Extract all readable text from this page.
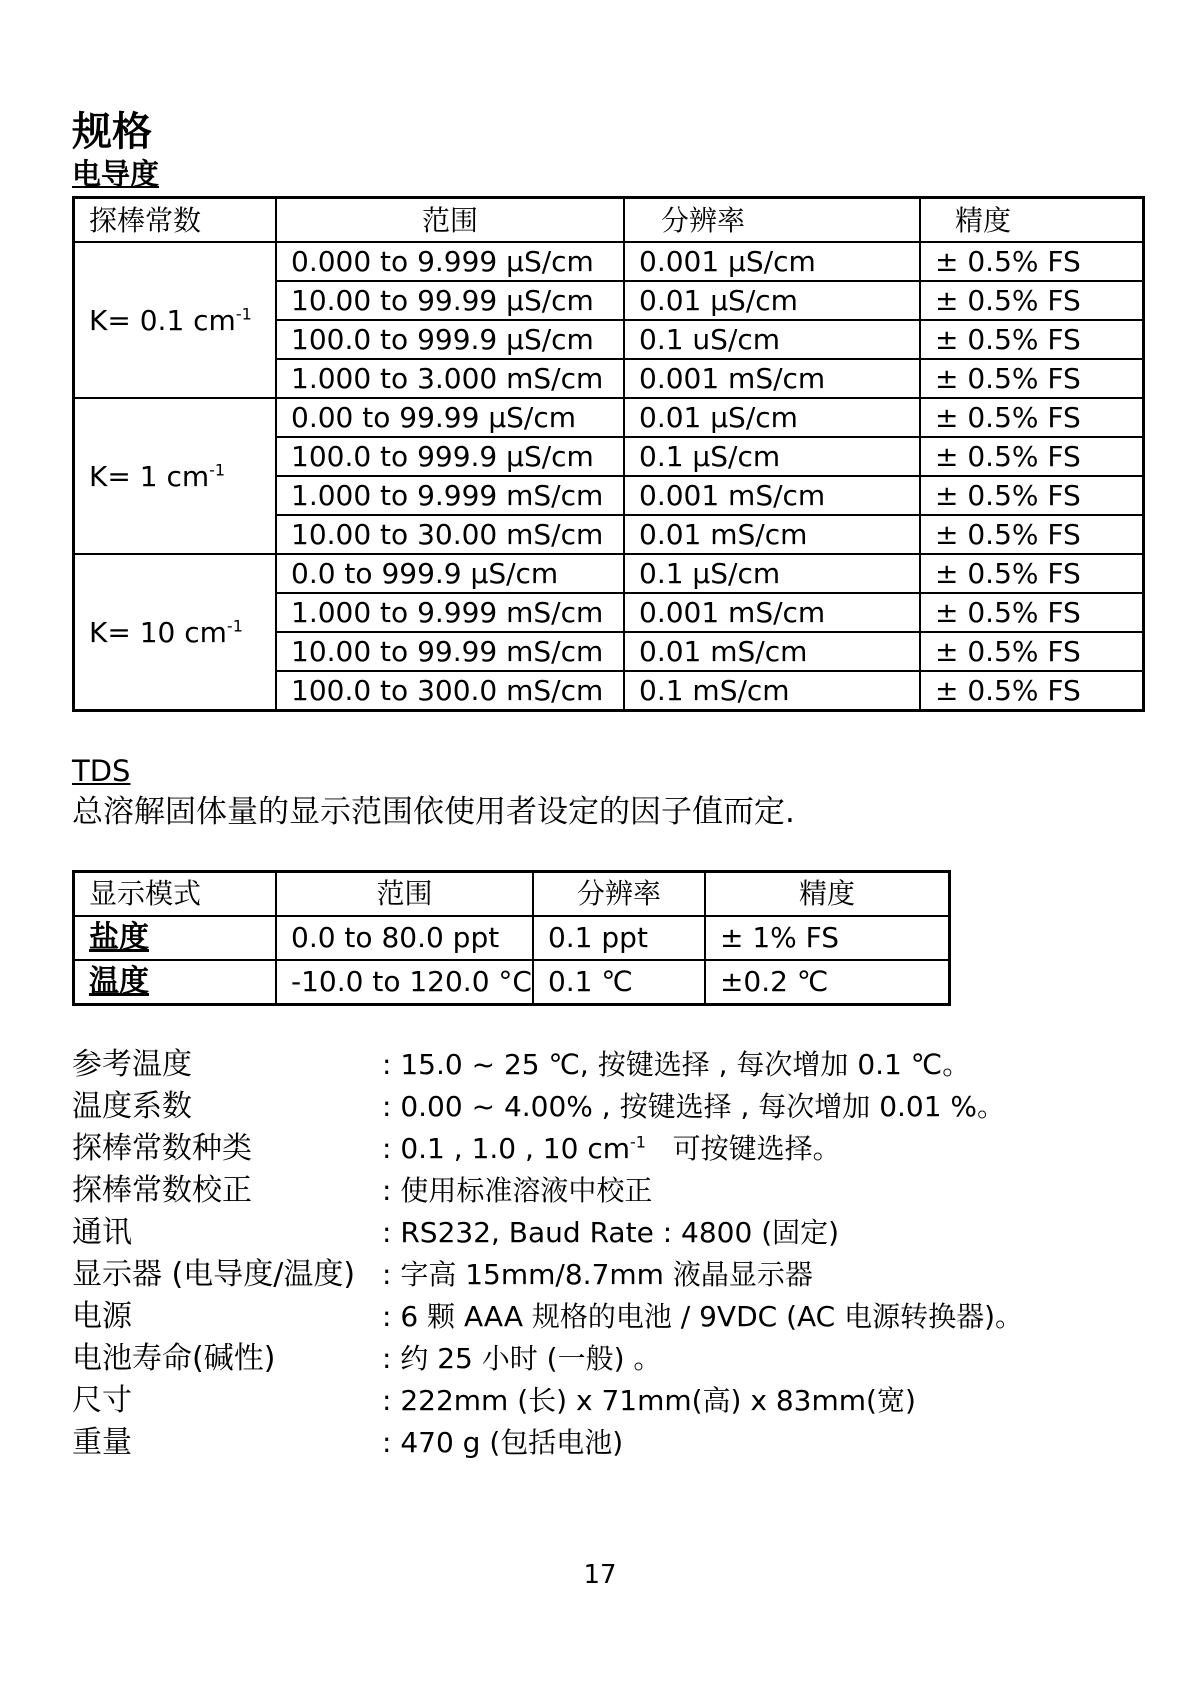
规格
电导度
探棒常数	范围	分辨率	精度
K= 0.1 $cm^{-1}$	0.000 to 9.999 µS/cm	0.001 µS/cm	± 0.5% FS
	10.00 to 99.99 µS/cm	0.01 µS/cm	± 0.5% FS
	100.0 to 999.9 µS/cm	0.1 uS/cm	± 0.5% FS
	1.000 to 3.000 mS/cm	0.001 mS/cm	± 0.5% FS
K= 1 $cm^{-1}$	0.00 to 99.99 µS/cm	0.01 µS/cm	± 0.5% FS
	100.0 to 999.9 µS/cm	0.1 µS/cm	± 0.5% FS
	1.000 to 9.999 mS/cm	0.001 mS/cm	± 0.5% FS
	10.00 to 30.00 mS/cm	0.01 mS/cm	± 0.5% FS
K= 10 $cm^{-1}$	0.0 to 999.9 µS/cm	0.1 µS/cm	± 0.5% FS
	1.000 to 9.999 mS/cm	0.001 mS/cm	± 0.5% FS
	10.00 to 99.99 mS/cm	0.01 mS/cm	± 0.5% FS
	100.0 to 300.0 mS/cm	0.1 mS/cm	± 0.5% FS
TDS
总溶解固体量的显示范围依使用者设定的因子值而定.
显示模式	范围	分辨率	精度
盐度	0.0 to 80.0 ppt	0.1 ppt	± 1% FS
温度	-10.0 to 120.0 °C	0.1 ℃	±0.2 ℃
参考温度	: 15.0 ~ 25 ℃, 按键选择 , 每次增加 0.1 ℃。
温度系数	: 0.00 ~ 4.00% , 按键选择 , 每次增加 0.01 %。
探棒常数种类	: 0.1 , 1.0 , 10 $cm^{-1}$   可按键选择。
探棒常数校正	: 使用标准溶液中校正
通讯	: RS232, Baud Rate : 4800 (固定)
显示器 (电导度/温度) : 字高 15mm/8.7mm 液晶显示器
电源	: 6 颗 AAA 规格的电池 / 9VDC (AC 电源转换器)。
电池寿命(碱性)	: 约 25 小时 (一般) 。
尺寸	: 222mm (长) x 71mm(高) x 83mm(宽)
重量	: 470 g (包括电池)
17
